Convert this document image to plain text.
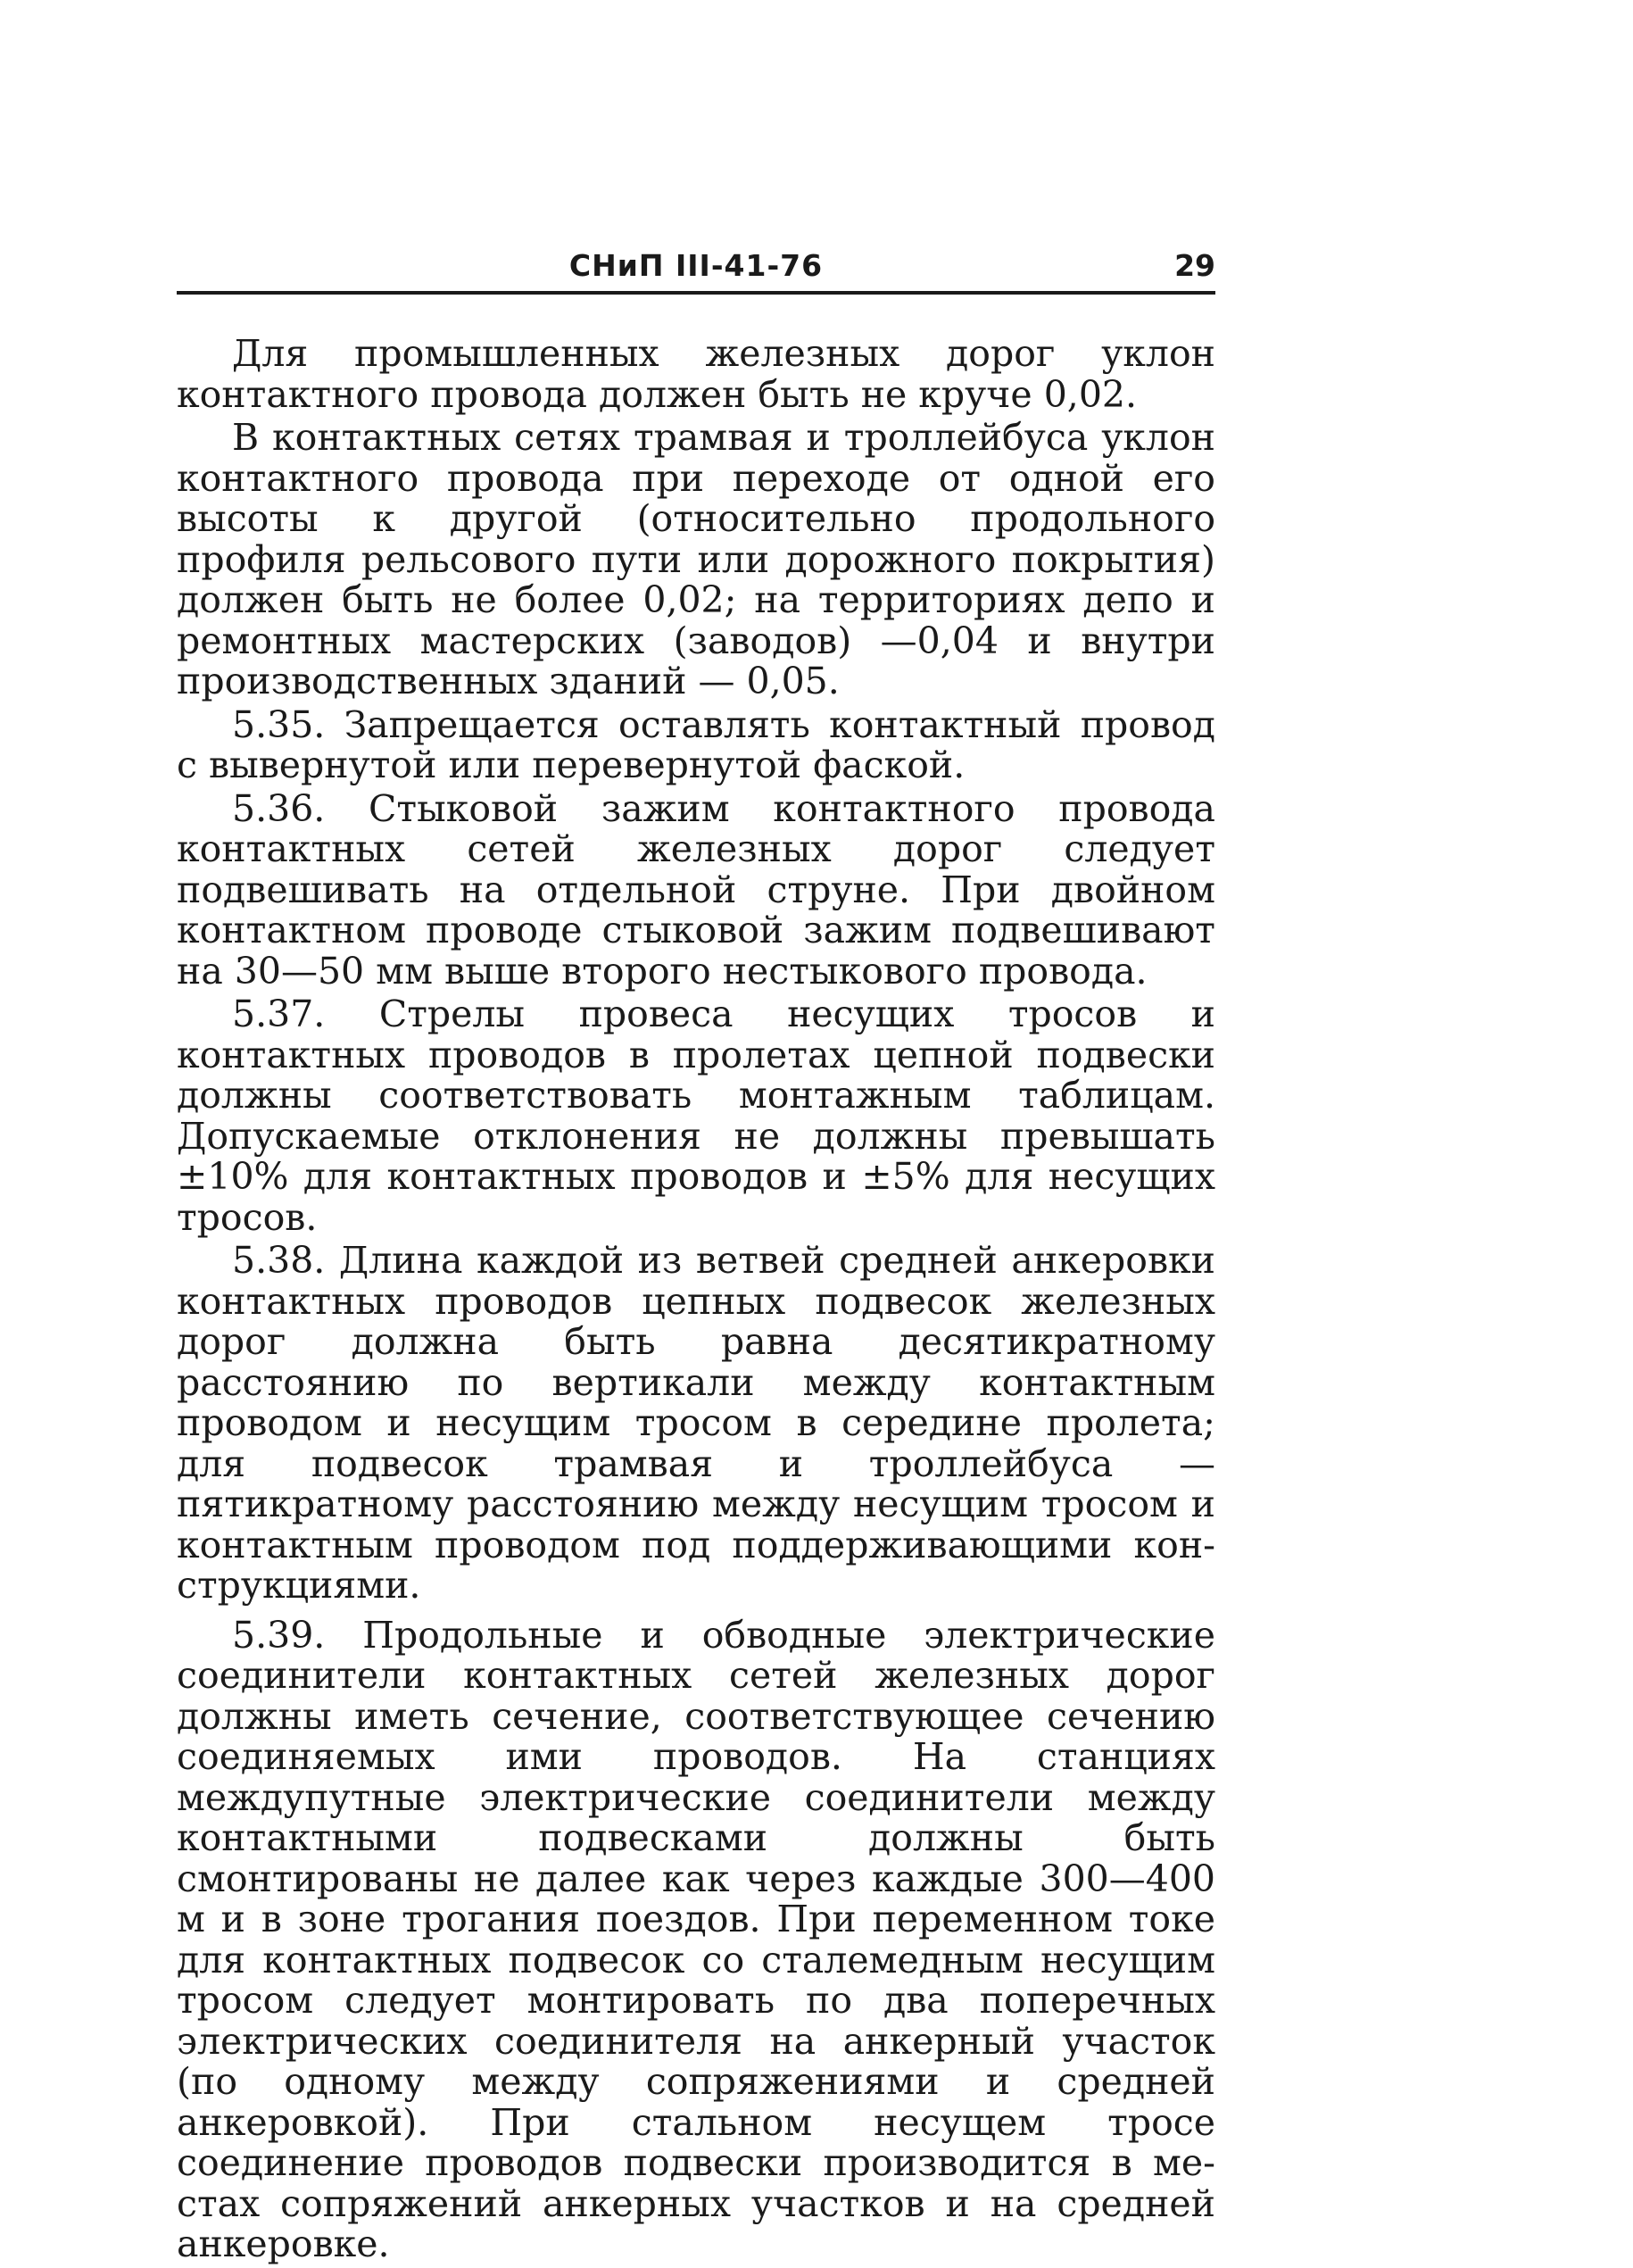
СНиП III-41-76	29

Для промышленных железных дорог уклон контактного провода должен быть не круче 0,02.

В контактных сетях трамвая и троллейбуса уклон контактного провода при переходе от одной его высоты к другой (относительно продольного профиля рельсового пути или дорожного покрытия) должен быть не более 0,02; на территориях депо и ремонтных мастерских (заводов) —0,04 и внутри производственных зданий — 0,05.

5.35. Запрещается оставлять контактный провод с вывернутой или перевернутой фаской.

5.36. Стыковой зажим контактного провода контактных сетей железных дорог следует подвешивать на отдельной струне. При двойном контактном проводе стыковой зажим подвешивают на 30—50 мм выше второго нестыкового провода.

5.37. Стрелы провеса несущих тросов и контактных проводов в пролетах цепной подвески должны соответствовать монтажным таблицам. Допускаемые отклонения не должны превышать ±10% для контактных проводов и ±5% для несущих тросов.

5.38. Длина каждой из ветвей средней анкеровки контактных проводов цепных подвесок железных дорог должна быть равна десятикратному расстоянию по вертикали между контактным проводом и несущим тросом в середине пролета; для подвесок трамвая и троллейбуса — пятикратному расстоянию между несущим тросом и контактным проводом под поддерживающими конструкциями.

5.39. Продольные и обводные электрические соединители контактных сетей железных дорог должны иметь сечение, соответствующее сечению соединяемых ими проводов. На станциях междупутные электрические соединители между контактными подвесками должны быть смонтированы не далее как через каждые 300—400 м и в зоне трогания поездов. При переменном токе для контактных подвесок со сталемедным несущим тросом следует монтировать по два поперечных электрических соединителя на анкерный участок (по одному между сопряжениями и средней анкеровкой). При стальном несущем тросе соединение проводов подвески производится в местах сопряжений анкерных участков и на средней анкеровке.
